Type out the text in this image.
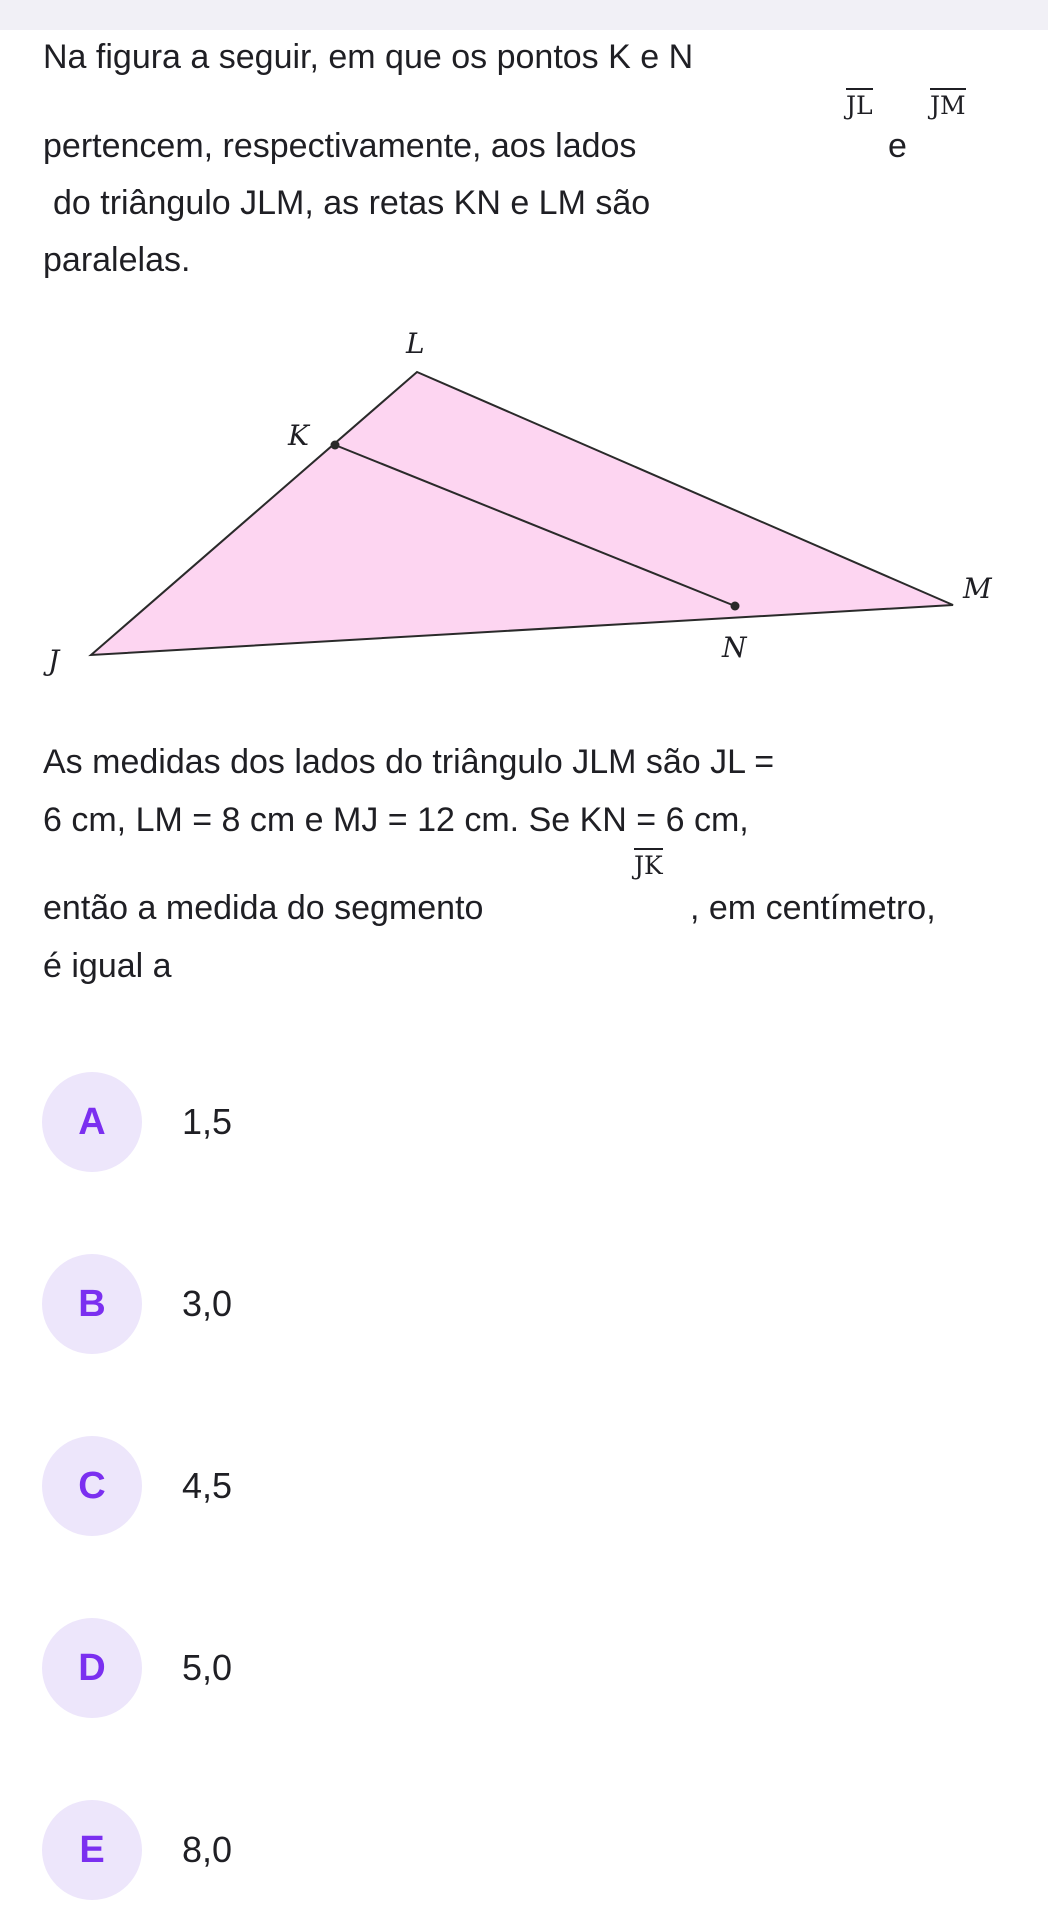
Na figura a seguir, em que os pontos K e N
pertencem, respectivamente, aos lados
JL
e
JM
do triângulo JLM, as retas KN e LM são
paralelas.
As medidas dos lados do triângulo JLM são JL =
6 cm, LM = 8 cm e MJ = 12 cm. Se KN = 6 cm,
então a medida do segmento
JK
, em centímetro,
é igual a
L
K
M
J	N
A	1,5
B	3,0
C	4,5
D	5,0
E	8,0
